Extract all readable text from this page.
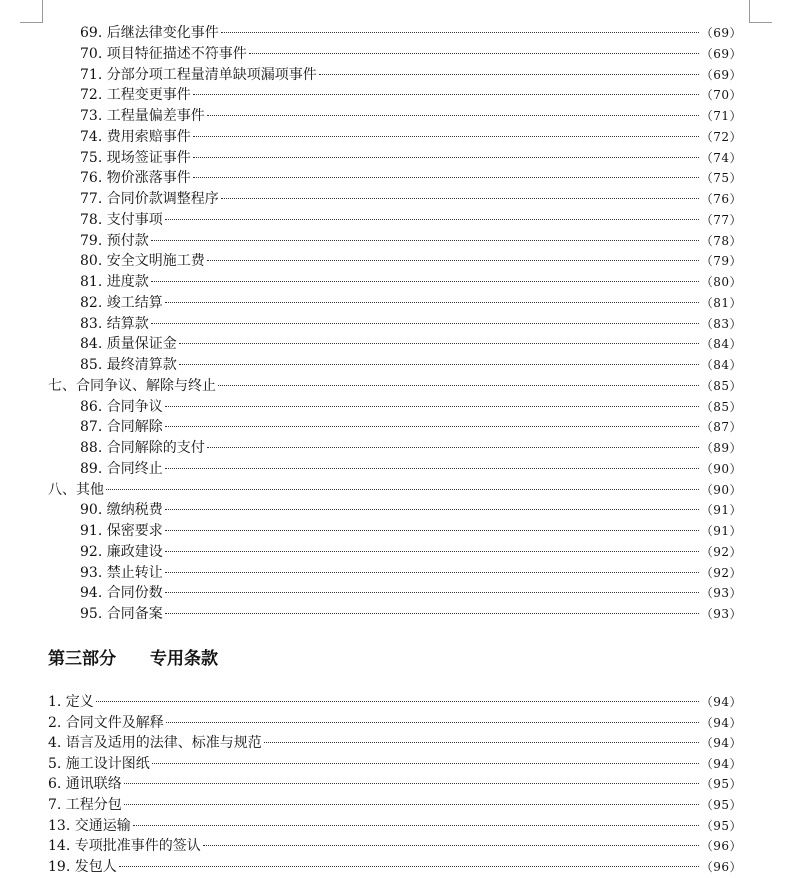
69. 后继法律变化事件	（69）
70. 项目特征描述不符事件	（69）
71. 分部分项工程量清单缺项漏项事件	（69）
72. 工程变更事件	（70）
73. 工程量偏差事件	（71）
74. 费用索赔事件	（72）
75. 现场签证事件	（74）
76. 物价涨落事件	（75）
77. 合同价款调整程序	（76）
78. 支付事项	（77）
79. 预付款	（78）
80. 安全文明施工费	（79）
81. 进度款	（80）
82. 竣工结算	（81）
83. 结算款	（83）
84. 质量保证金	（84）
85. 最终清算款	（84）
七、合同争议、解除与终止	（85）
86. 合同争议	（85）
87. 合同解除	（87）
88. 合同解除的支付	（89）
89. 合同终止	（90）
八、其他	（90）
90. 缴纳税费	（91）
91. 保密要求	（91）
92. 廉政建设	（92）
93. 禁止转让	（92）
94. 合同份数	（93）
95. 合同备案	（93）
第三部分　　专用条款
1. 定义	（94）
2. 合同文件及解释	（94）
4. 语言及适用的法律、标准与规范	（94）
5. 施工设计图纸	（94）
6. 通讯联络	（95）
7. 工程分包	（95）
13. 交通运输	（95）
14. 专项批准事件的签认	（96）
19. 发包人	（96）
